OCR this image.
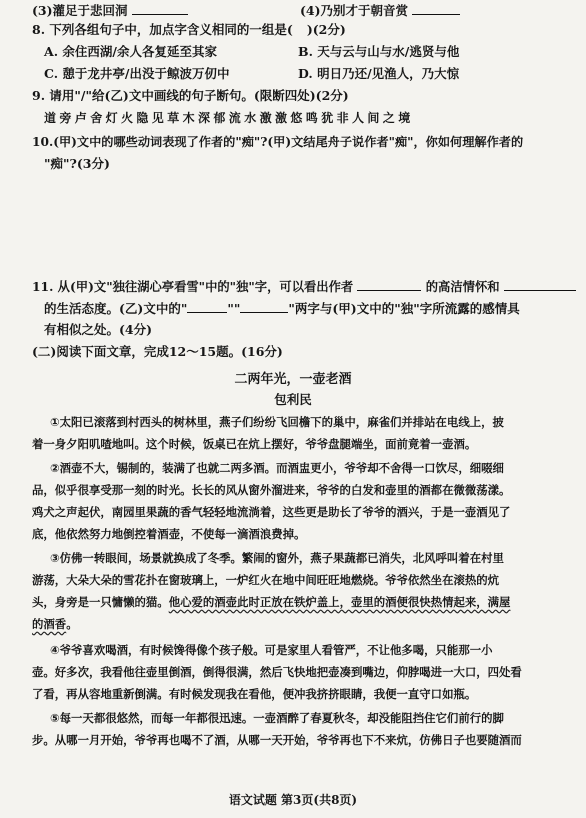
(3)灌足于悲回洞	(4)乃别才于朝音赏
8. 下列各组句子中，加点字含义相同的一组是( )(2分)
A. 余住西湖/余人各复延至其家	B. 天与云与山与水/逃贤与他
C. 憩于龙井亭/出没于鲸波万仞中	D. 明日乃还/见渔人，乃大惊
9. 请用"/"给(乙)文中画线的句子断句。(限断四处)(2分)
道旁卢舍灯火隐见草木深郁流水激激悠鸣犹非人间之境
10.(甲)文中的哪些动词表现了作者的"痴"?(甲)文结尾舟子说作者"痴"，你如何理解作者的
"痴"?(3分)
11. 从(甲)文"独往湖心亭看雪"中的"独"字，可以看出作者	的高洁情怀和
的生活态度。(乙)文中的"	""	"两字与(甲)文中的"独"字所流露的感情具
有相似之处。(4分)
(二)阅读下面文章，完成12～15题。(16分)
二两年光，一壶老酒
包利民
①太阳已滚落到村西头的树林里，燕子们纷纷飞回檐下的巢中，麻雀们并排站在电线上，披
着一身夕阳叽喳地叫。这个时候，饭桌已在炕上摆好，爷爷盘腿端坐，面前竟着一壶酒。
②酒壶不大，锡制的，装满了也就二两多酒。而酒盅更小，爷爷却不舍得一口饮尽，细啜细
品，似乎很享受那一刻的时光。长长的风从窗外溜进来，爷爷的白发和壶里的酒都在微微荡漾。
鸡犬之声起伏，南园里果蔬的香气轻轻地流淌着，这些更是助长了爷爷的酒兴，于是一壶酒见了
底，他依然努力地倒控着酒壶，不使每一滴酒浪费掉。
③仿佛一转眼间，场景就换成了冬季。繁闹的窗外，燕子果蔬都已消失，北风呼叫着在村里
游荡，大朵大朵的雪花扑在窗玻璃上，一炉红火在地中间旺旺地燃烧。爷爷依然坐在滚热的炕
头，身旁是一只慵懒的猫。他心爱的酒壶此时正放在铁炉盖上，壶里的酒便很快热情起来，满屋
的酒香。
④爷爷喜欢喝酒，有时候馋得像个孩子般。可是家里人看管严，不让他多喝，只能那一小
壶。好多次，我看他往壶里倒酒，倒得很满，然后飞快地把壶凑到嘴边，仰脖喝进一大口，四处看
了看，再从容地重新倒满。有时候发现我在看他，便冲我挤挤眼睛，我便一直守口如瓶。
⑤每一天都很悠然，而每一年都很迅速。一壶酒醉了春夏秋冬，却没能阻挡住它们前行的脚
步。从哪一月开始，爷爷再也喝不了酒，从哪一天开始，爷爷再也下不来炕，仿佛日子也要随酒而
语文试题 第3页(共8页)
